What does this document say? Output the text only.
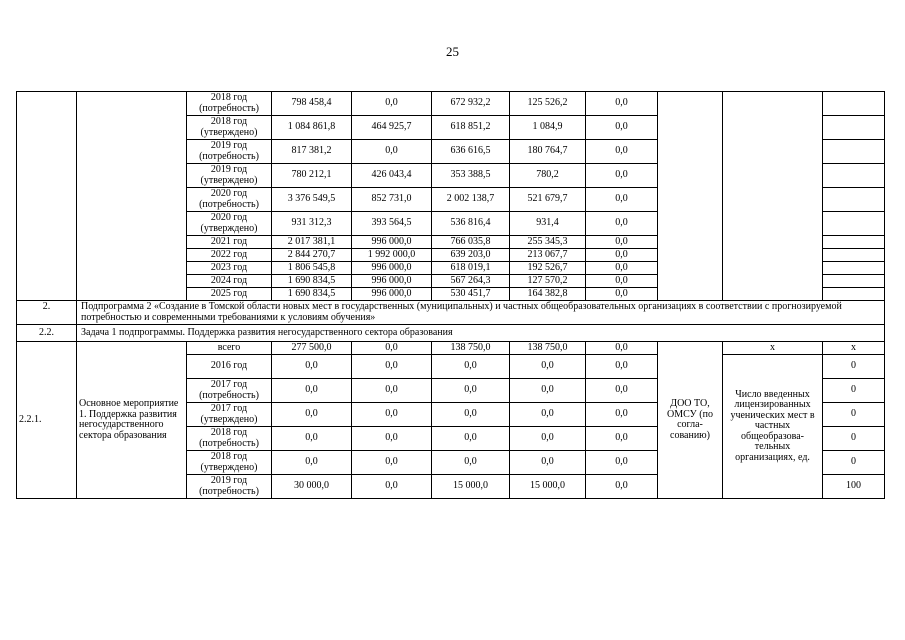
25
		2018 год
(потребность)	798 458,4	0,0	672 932,2	125 526,2	0,0			
		2018 год
(утверждено)	1 084 861,8	464 925,7	618 851,2	1 084,9	0,0			
		2019 год
(потребность)	817 381,2	0,0	636 616,5	180 764,7	0,0			
		2019 год
(утверждено)	780 212,1	426 043,4	353 388,5	780,2	0,0			
		2020 год
(потребность)	3 376 549,5	852 731,0	2 002 138,7	521 679,7	0,0			
		2020 год
(утверждено)	931 312,3	393 564,5	536 816,4	931,4	0,0			
		2021 год	2 017 381,1	996 000,0	766 035,8	255 345,3	0,0			
		2022 год	2 844 270,7	1 992 000,0	639 203,0	213 067,7	0,0			
		2023 год	1 806 545,8	996 000,0	618 019,1	192 526,7	0,0			
		2024 год	1 690 834,5	996 000,0	567 264,3	127 570,2	0,0			
		2025 год	1 690 834,5	996 000,0	530 451,7	164 382,8	0,0			
2.	Подпрограмма 2 «Создание в Томской области новых мест в государственных (муниципальных) и частных общеобразовательных организациях в соответствии с прогнозируемой потребностью и современными требованиями к условиям обучения»									
2.2.	Задача 1 подпрограммы. Поддержка развития негосударственного сектора образования									
2.2.1.	Основное мероприятие 1. Поддержка развития негосударственного сектора образования	всего	277 500,0	0,0	138 750,0	138 750,0	0,0	ДОО ТО, ОМСУ (по согла-сованию)	x	x
		2016 год	0,0	0,0	0,0	0,0	0,0		Число введенных лицензированных ученических мест в частных общеобразова-тельных организациях, ед.	0
		2017 год
(потребность)	0,0	0,0	0,0	0,0	0,0			0
		2017 год
(утверждено)	0,0	0,0	0,0	0,0	0,0			0
		2018 год
(потребность)	0,0	0,0	0,0	0,0	0,0			0
		2018 год
(утверждено)	0,0	0,0	0,0	0,0	0,0			0
		2019 год
(потребность)	30 000,0	0,0	15 000,0	15 000,0	0,0			100
